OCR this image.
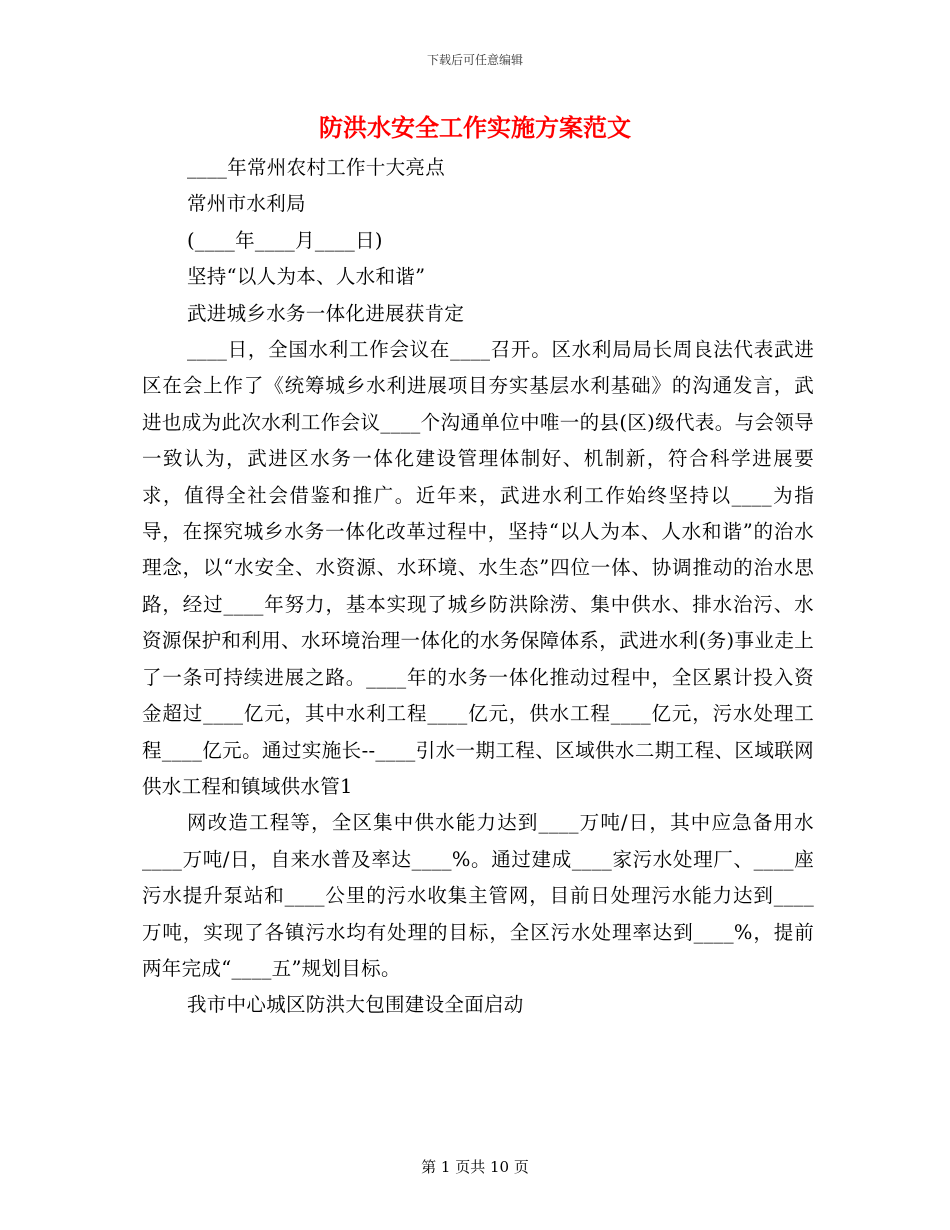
下载后可任意编辑
防洪水安全工作实施方案范文
____年常州农村工作十大亮点
常州市水利局
(____年____月____日)
坚持“以人为本、人水和谐”
武进城乡水务一体化进展获肯定

____日，全国水利工作会议在____召开。区水利局局长周良法代表武进区在会上作了《统筹城乡水利进展项目夯实基层水利基础》的沟通发言，武进也成为此次水利工作会议____个沟通单位中唯一的县(区)级代表。与会领导一致认为，武进区水务一体化建设管理体制好、机制新，符合科学进展要求，值得全社会借鉴和推广。近年来，武进水利工作始终坚持以____为指导，在探究城乡水务一体化改革过程中，坚持“以人为本、人水和谐”的治水理念，以“水安全、水资源、水环境、水生态”四位一体、协调推动的治水思路，经过____年努力，基本实现了城乡防洪除涝、集中供水、排水治污、水资源保护和利用、水环境治理一体化的水务保障体系，武进水利(务)事业走上了一条可持续进展之路。____年的水务一体化推动过程中，全区累计投入资金超过____亿元，其中水利工程____亿元，供水工程____亿元，污水处理工程____亿元。通过实施长--____引水一期工程、区域供水二期工程、区域联网供水工程和镇域供水管1

网改造工程等，全区集中供水能力达到____万吨/日，其中应急备用水____万吨/日，自来水普及率达____%。通过建成____家污水处理厂、____座污水提升泵站和____公里的污水收集主管网，目前日处理污水能力达到____万吨，实现了各镇污水均有处理的目标，全区污水处理率达到____%，提前两年完成“____五”规划目标。

我市中心城区防洪大包围建设全面启动
第 1 页共 10 页
